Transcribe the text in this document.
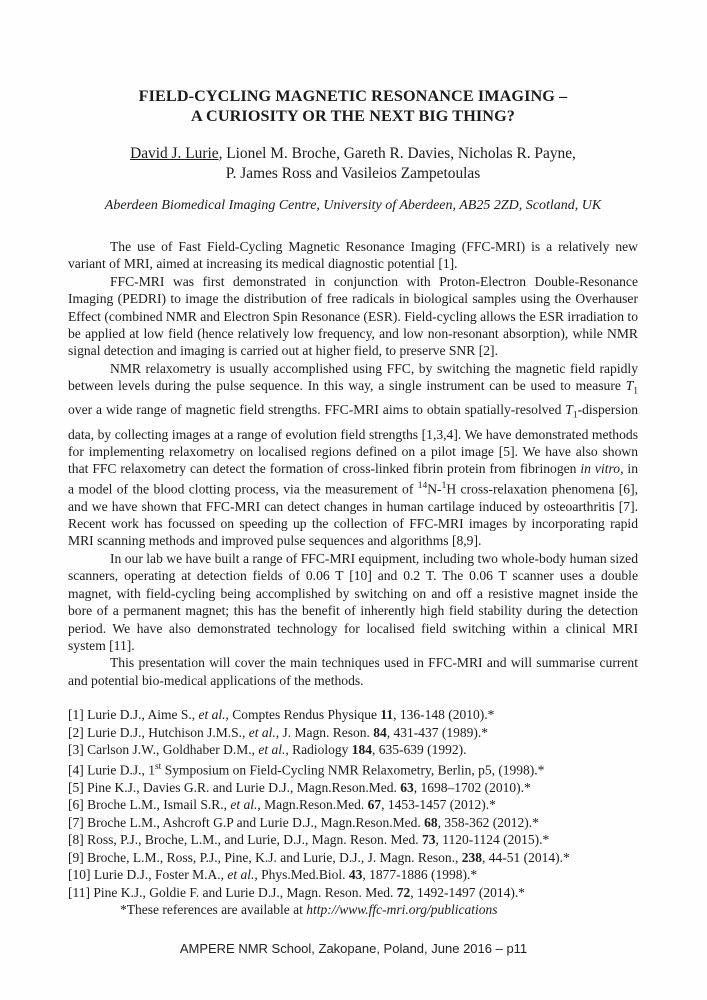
FIELD-CYCLING MAGNETIC RESONANCE IMAGING –
A CURIOSITY OR THE NEXT BIG THING?
David J. Lurie, Lionel M. Broche, Gareth R. Davies, Nicholas R. Payne,
P. James Ross and Vasileios Zampetoulas
Aberdeen Biomedical Imaging Centre, University of Aberdeen, AB25 2ZD, Scotland, UK

The use of Fast Field-Cycling Magnetic Resonance Imaging (FFC-MRI) is a relatively new variant of MRI, aimed at increasing its medical diagnostic potential [1].

FFC-MRI was first demonstrated in conjunction with Proton-Electron Double-Resonance Imaging (PEDRI) to image the distribution of free radicals in biological samples using the Overhauser Effect (combined NMR and Electron Spin Resonance (ESR). Field-cycling allows the ESR irradiation to be applied at low field (hence relatively low frequency, and low non-resonant absorption), while NMR signal detection and imaging is carried out at higher field, to preserve SNR [2].

NMR relaxometry is usually accomplished using FFC, by switching the magnetic field rapidly between levels during the pulse sequence. In this way, a single instrument can be used to measure $T_1$ over a wide range of magnetic field strengths. FFC-MRI aims to obtain spatially-resolved $T_1$-dispersion data, by collecting images at a range of evolution field strengths [1,3,4]. We have demonstrated methods for implementing relaxometry on localised regions defined on a pilot image [5]. We have also shown that FFC relaxometry can detect the formation of cross-linked fibrin protein from fibrinogen in vitro, in a model of the blood clotting process, via the measurement of $^{14}$N-$^1$H cross-relaxation phenomena [6], and we have shown that FFC-MRI can detect changes in human cartilage induced by osteoarthritis [7]. Recent work has focussed on speeding up the collection of FFC-MRI images by incorporating rapid MRI scanning methods and improved pulse sequences and algorithms [8,9].

In our lab we have built a range of FFC-MRI equipment, including two whole-body human sized scanners, operating at detection fields of 0.06 T [10] and 0.2 T. The 0.06 T scanner uses a double magnet, with field-cycling being accomplished by switching on and off a resistive magnet inside the bore of a permanent magnet; this has the benefit of inherently high field stability during the detection period. We have also demonstrated technology for localised field switching within a clinical MRI system [11].

This presentation will cover the main techniques used in FFC-MRI and will summarise current and potential bio-medical applications of the methods.

[1] Lurie D.J., Aime S., et al., Comptes Rendus Physique 11, 136-148 (2010).*
[2] Lurie D.J., Hutchison J.M.S., et al., J. Magn. Reson. 84, 431-437 (1989).*
[3] Carlson J.W., Goldhaber D.M., et al., Radiology 184, 635-639 (1992).
[4] Lurie D.J., 1st Symposium on Field-Cycling NMR Relaxometry, Berlin, p5, (1998).*
[5] Pine K.J., Davies G.R. and Lurie D.J., Magn.Reson.Med. 63, 1698–1702 (2010).*
[6] Broche L.M., Ismail S.R., et al., Magn.Reson.Med. 67, 1453-1457 (2012).*
[7] Broche L.M., Ashcroft G.P and Lurie D.J., Magn.Reson.Med. 68, 358-362 (2012).*
[8] Ross, P.J., Broche, L.M., and Lurie, D.J., Magn. Reson. Med. 73, 1120-1124 (2015).*
[9] Broche, L.M., Ross, P.J., Pine, K.J. and Lurie, D.J., J. Magn. Reson., 238, 44-51 (2014).*
[10] Lurie D.J., Foster M.A., et al., Phys.Med.Biol. 43, 1877-1886 (1998).*
[11] Pine K.J., Goldie F. and Lurie D.J., Magn. Reson. Med. 72, 1492-1497 (2014).*
*These references are available at http://www.ffc-mri.org/publications
AMPERE NMR School, Zakopane, Poland, June 2016 – p11
